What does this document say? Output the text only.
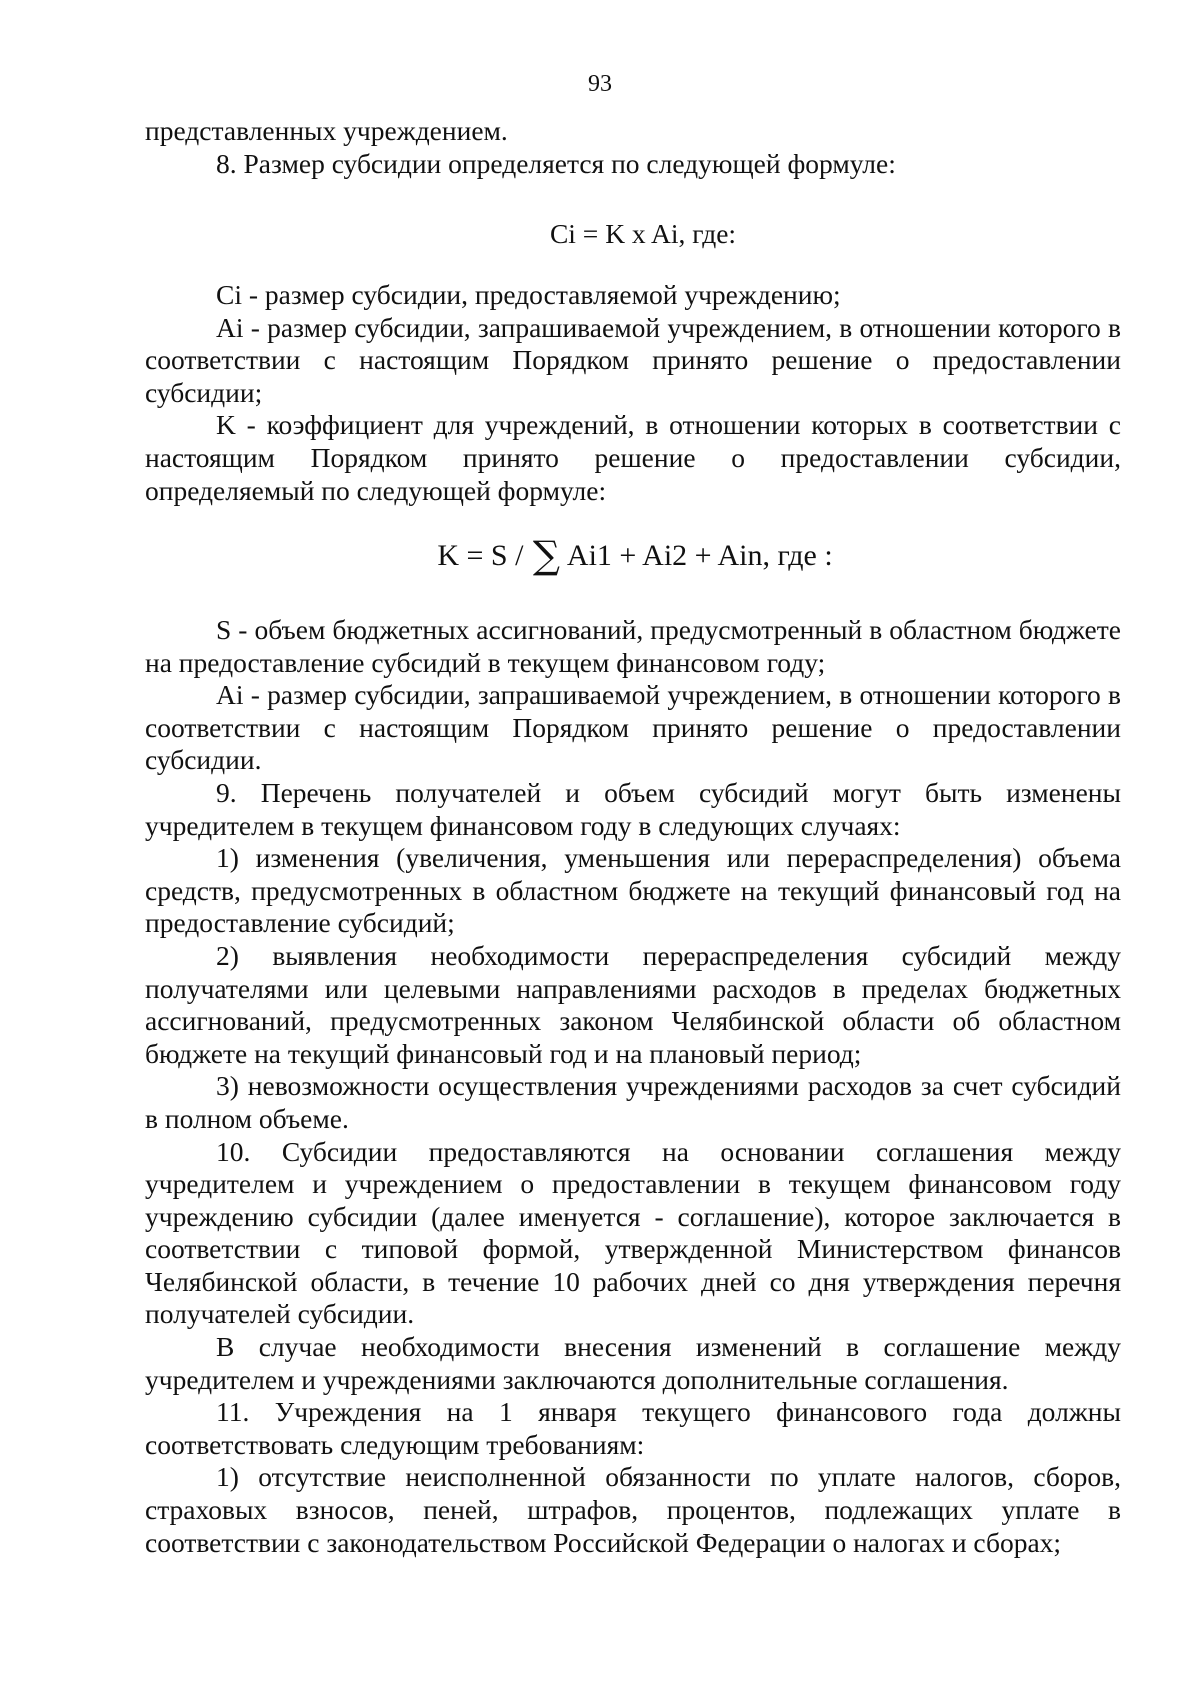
93

представленных учреждением.

8. Размер субсидии определяется по следующей формуле:

Ci = K x Ai, где:

Ci - размер субсидии, предоставляемой учреждению;

Ai - размер субсидии, запрашиваемой учреждением, в отношении которого в соответствии с настоящим Порядком принято решение о предоставлении субсидии;

K - коэффициент для учреждений, в отношении которых в соответствии с настоящим Порядком принято решение о предоставлении субсидии, определяемый по следующей формуле:

K = S / ∑ Ai1 + Ai2 + Ain, где :

S - объем бюджетных ассигнований, предусмотренный в областном бюджете на предоставление субсидий в текущем финансовом году;

Ai - размер субсидии, запрашиваемой учреждением, в отношении которого в соответствии с настоящим Порядком принято решение о предоставлении субсидии.

9. Перечень получателей и объем субсидий могут быть изменены учредителем в текущем финансовом году в следующих случаях:

1) изменения (увеличения, уменьшения или перераспределения) объема средств, предусмотренных в областном бюджете на текущий финансовый год на предоставление субсидий;

2) выявления необходимости перераспределения субсидий между получателями или целевыми направлениями расходов в пределах бюджетных ассигнований, предусмотренных законом Челябинской области об областном бюджете на текущий финансовый год и на плановый период;

3) невозможности осуществления учреждениями расходов за счет субсидий в полном объеме.

10. Субсидии предоставляются на основании соглашения между учредителем и учреждением о предоставлении в текущем финансовом году учреждению субсидии (далее именуется - соглашение), которое заключается в соответствии с типовой формой, утвержденной Министерством финансов Челябинской области, в течение 10 рабочих дней со дня утверждения перечня получателей субсидии.

В случае необходимости внесения изменений в соглашение между учредителем и учреждениями заключаются дополнительные соглашения.

11. Учреждения на 1 января текущего финансового года должны соответствовать следующим требованиям:

1) отсутствие неисполненной обязанности по уплате налогов, сборов, страховых взносов, пеней, штрафов, процентов, подлежащих уплате в соответствии с законодательством Российской Федерации о налогах и сборах;
